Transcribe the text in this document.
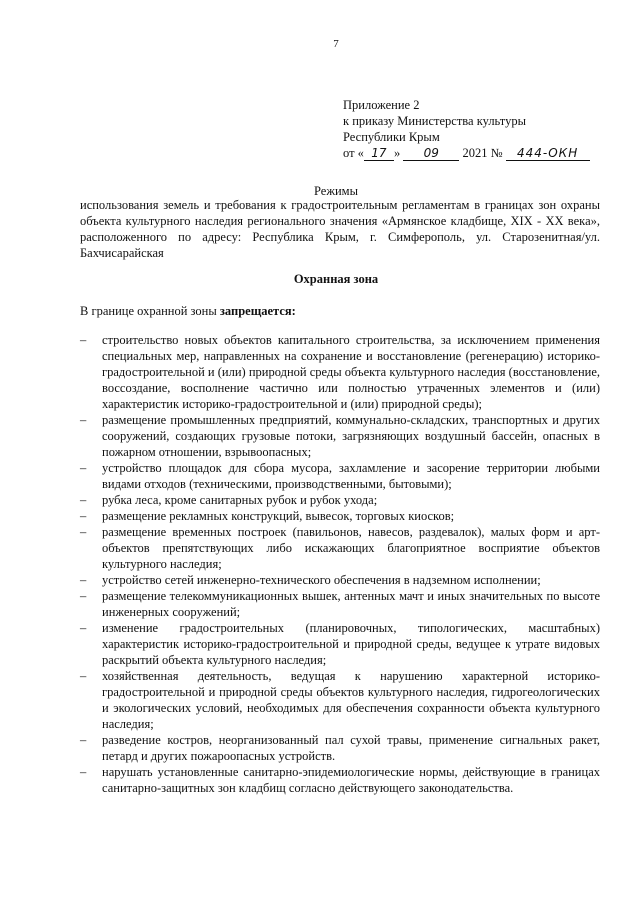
7
Приложение 2
к приказу Министерства культуры
Республики Крым
от « 17 » 09 2021 № 444-ОКН
Режимы
использования земель и требования к градостроительным регламентам в границах зон охраны объекта культурного наследия регионального значения «Армянское кладбище, XIX - XX века», расположенного по адресу: Республика Крым, г. Симферополь, ул. Старозенитная/ул. Бахчисарайская
Охранная зона
В границе охранной зоны запрещается:
– строительство новых объектов капитального строительства, за исключением применения специальных мер, направленных на сохранение и восстановление (регенерацию) историко-градостроительной и (или) природной среды объекта культурного наследия (восстановление, воссоздание, восполнение частично или полностью утраченных элементов и (или) характеристик историко-градостроительной и (или) природной среды);
– размещение промышленных предприятий, коммунально-складских, транспортных и других сооружений, создающих грузовые потоки, загрязняющих воздушный бассейн, опасных в пожарном отношении, взрывоопасных;
– устройство площадок для сбора мусора, захламление и засорение территории любыми видами отходов (техническими, производственными, бытовыми);
– рубка леса, кроме санитарных рубок и рубок ухода;
– размещение рекламных конструкций, вывесок, торговых киосков;
– размещение временных построек (павильонов, навесов, раздевалок), малых форм и арт-объектов препятствующих либо искажающих благоприятное восприятие объектов культурного наследия;
– устройство сетей инженерно-технического обеспечения в надземном исполнении;
– размещение телекоммуникационных вышек, антенных мачт и иных значительных по высоте инженерных сооружений;
– изменение градостроительных (планировочных, типологических, масштабных) характеристик историко-градостроительной и природной среды, ведущее к утрате видовых раскрытий объекта культурного наследия;
– хозяйственная деятельность, ведущая к нарушению характерной историко-градостроительной и природной среды объектов культурного наследия, гидрогеологических и экологических условий, необходимых для обеспечения сохранности объекта культурного наследия;
– разведение костров, неорганизованный пал сухой травы, применение сигнальных ракет, петард и других пожароопасных устройств.
– нарушать установленные санитарно-эпидемиологические нормы, действующие в границах санитарно-защитных зон кладбищ согласно действующего законодательства.
